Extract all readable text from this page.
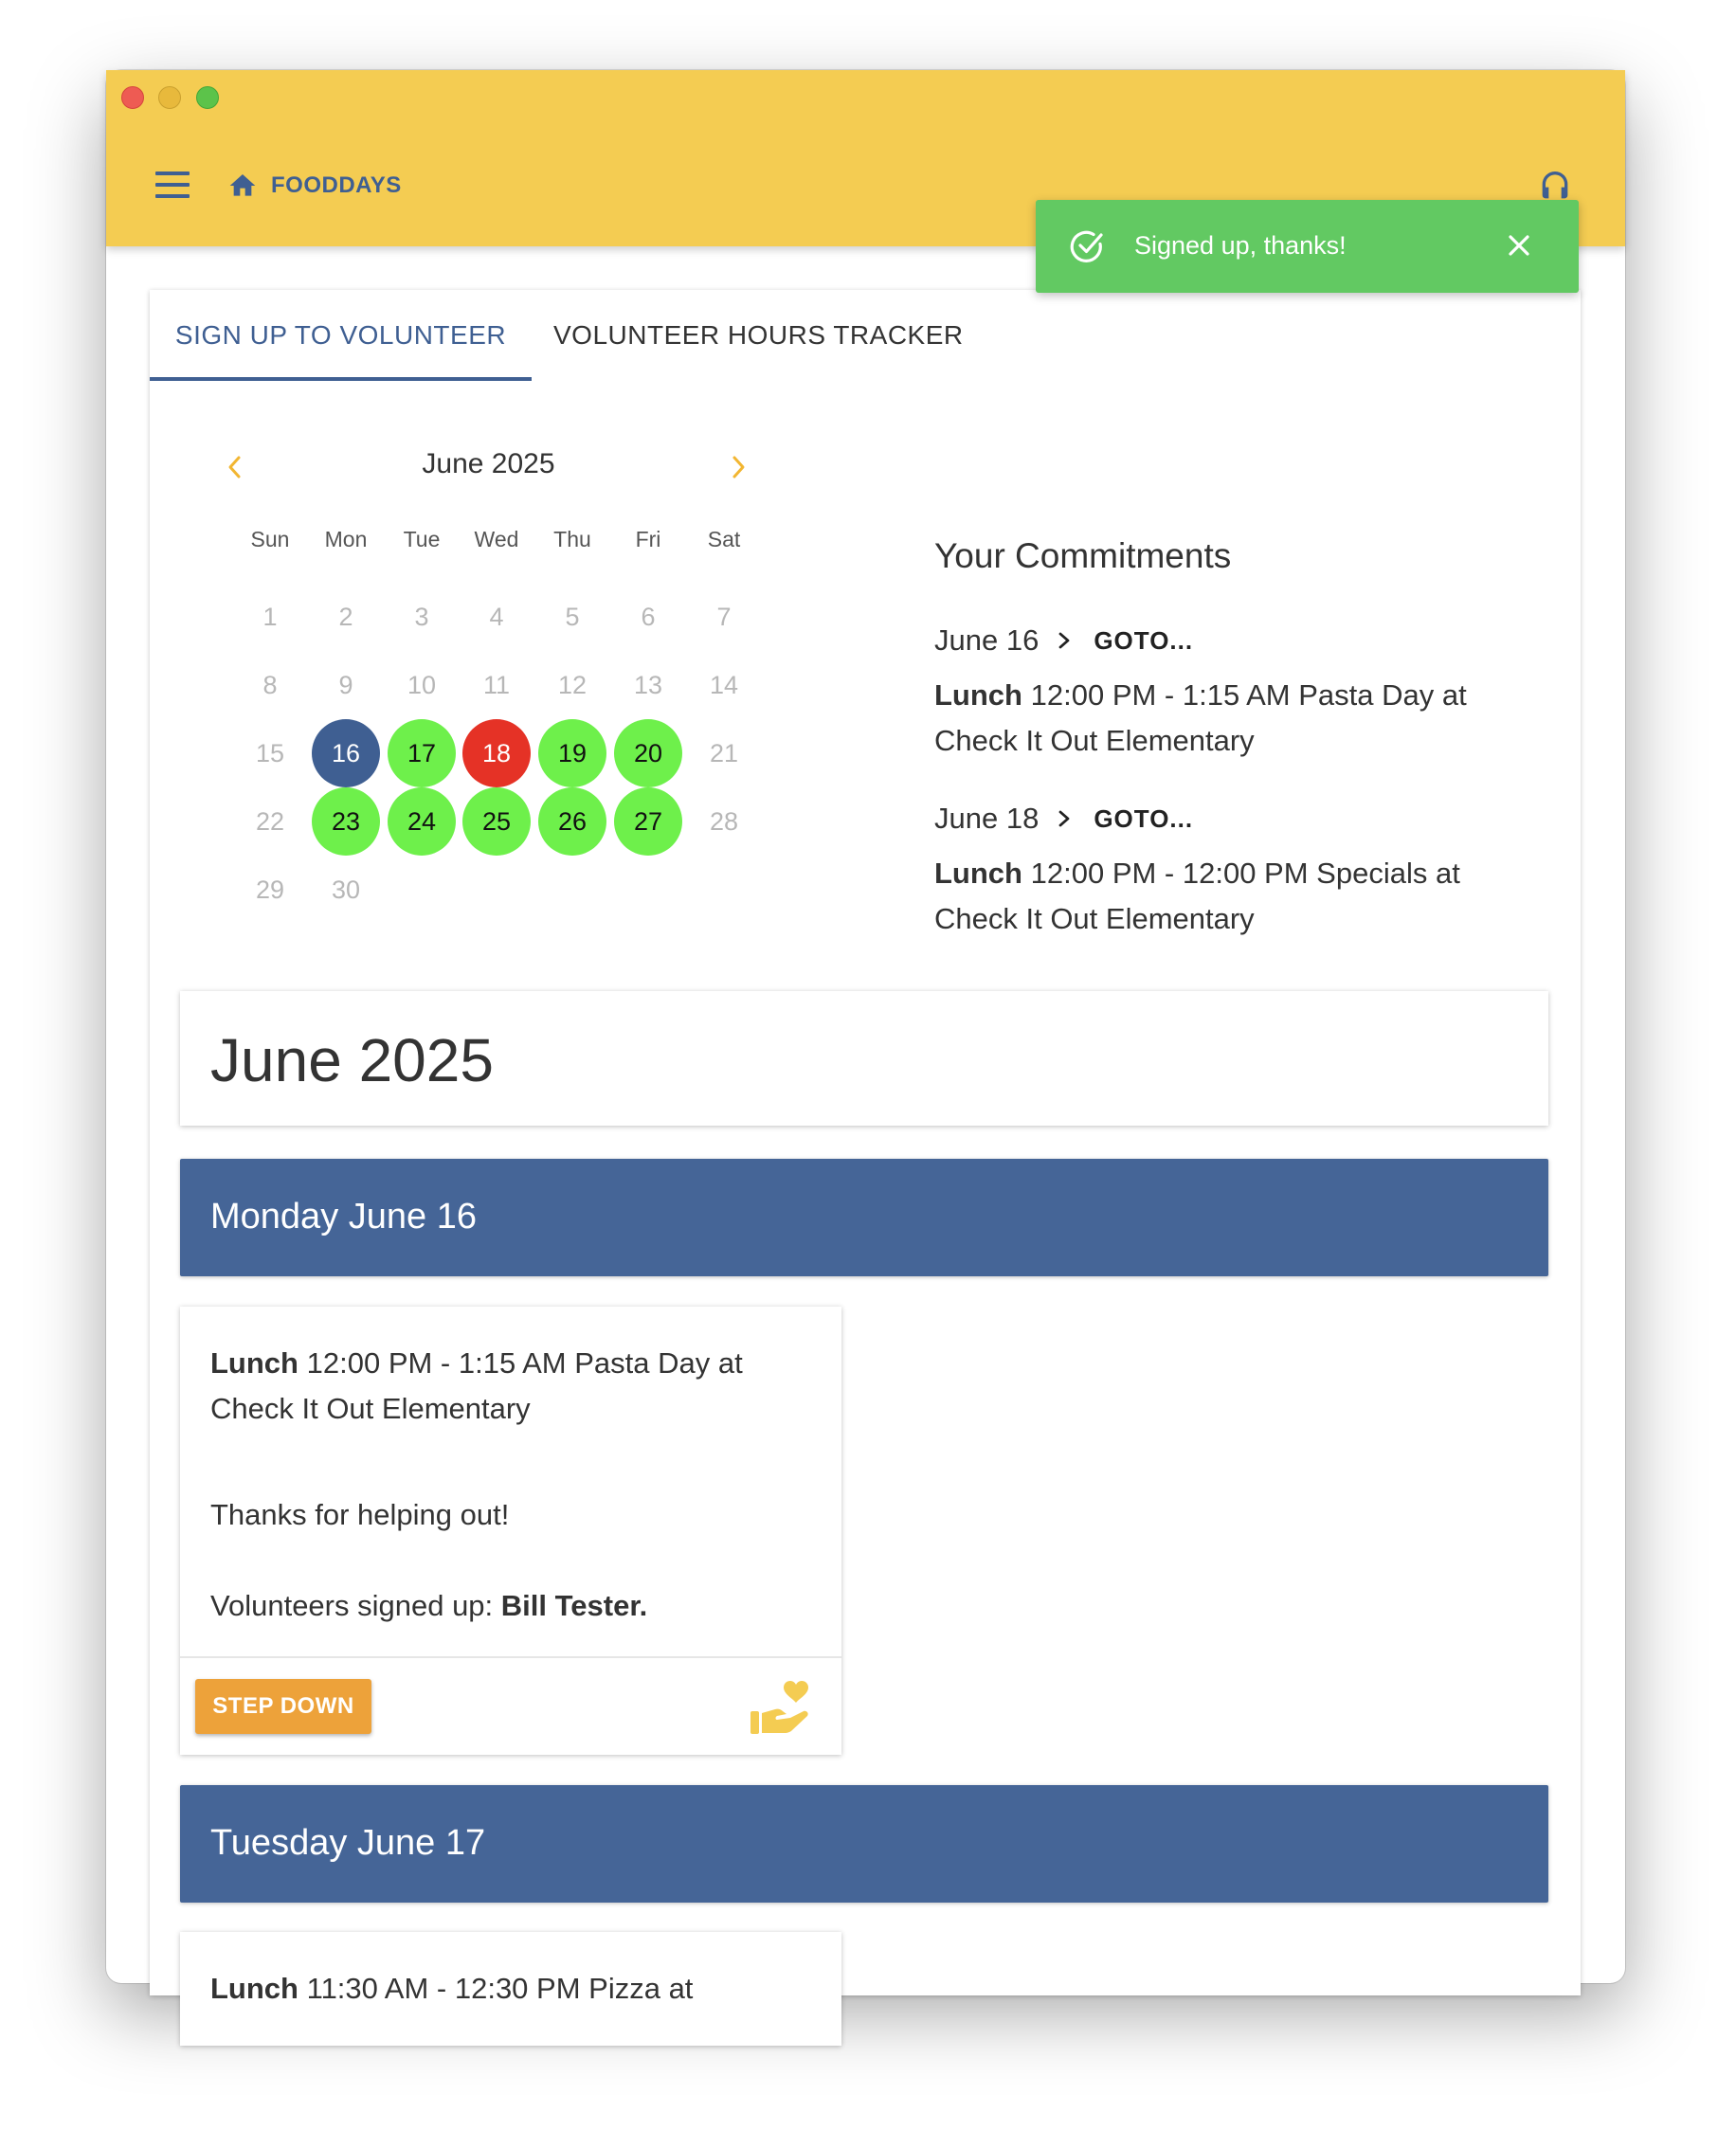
FOODDAYS
Signed up, thanks!
SIGN UP TO VOLUNTEER	VOLUNTEER HOURS TRACKER
June 2025
Sun	Mon	Tue	Wed	Thu	Fri	Sat
1	2	3	4	5	6	7
8	9	10	11	12	13	14
15	16	17	18	19	20	21
22	23	24	25	26	27	28
29	30
Your Commitments
June 16 GOTO...
Lunch 12:00 PM - 1:15 AM Pasta Day at Check It Out Elementary
June 18 GOTO...
Lunch 12:00 PM - 12:00 PM Specials at Check It Out Elementary
June 2025
Monday June 16
Lunch 12:00 PM - 1:15 AM Pasta Day at Check It Out Elementary
Thanks for helping out!
Volunteers signed up: Bill Tester.
STEP DOWN
Tuesday June 17
Lunch 11:30 AM - 12:30 PM Pizza at
